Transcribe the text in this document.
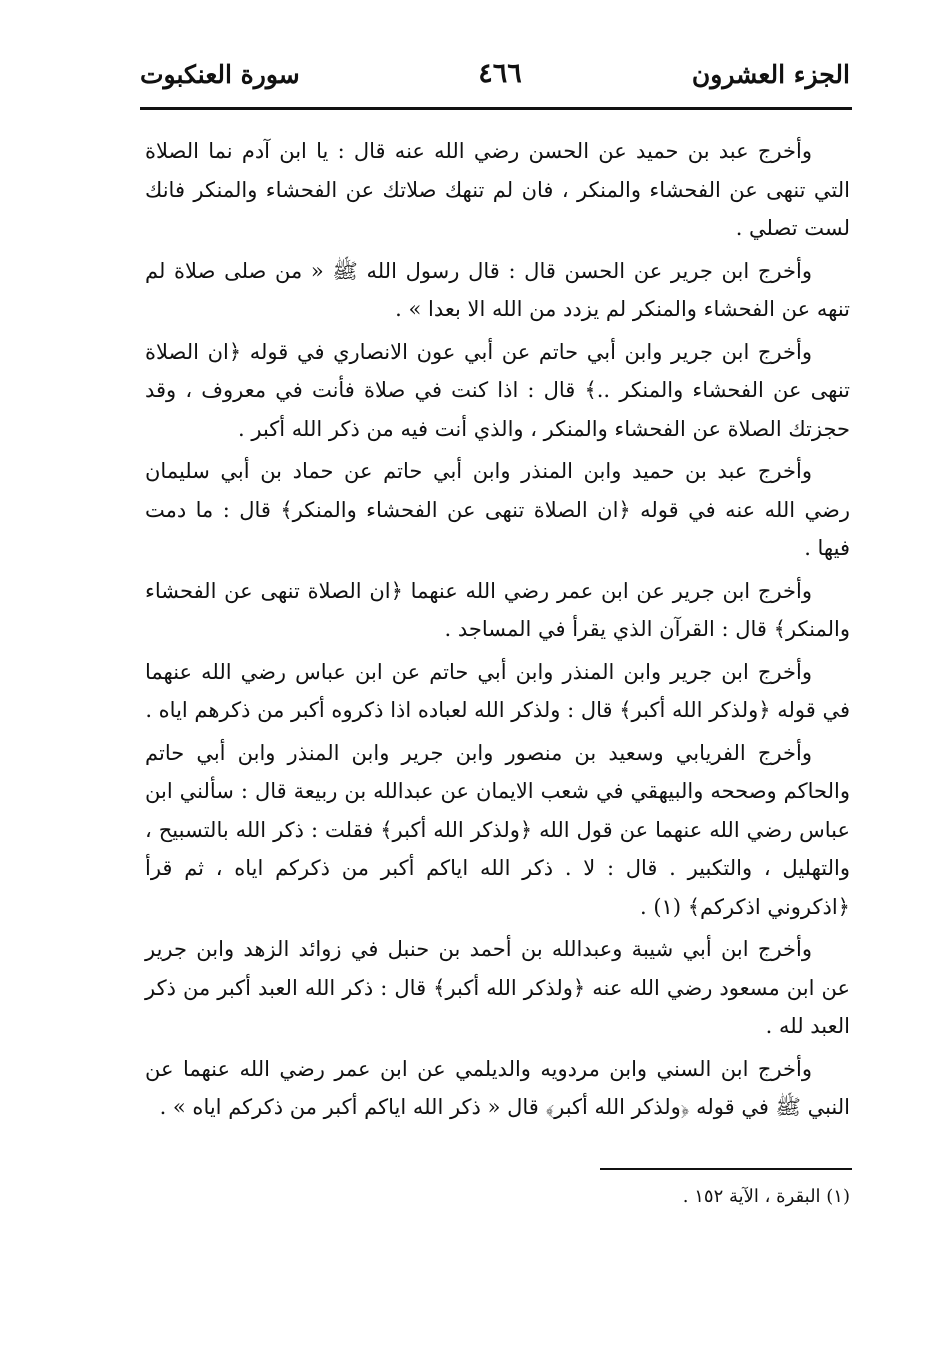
الجزء العشرون
٤٦٦
سورة العنكبوت

وأخرج عبد بن حميد عن الحسن رضي الله عنه قال : يا ابن آدم نما الصلاة التي تنهى عن الفحشاء والمنكر ، فان لم تنهك صلاتك عن الفحشاء والمنكر فانك لست تصلي .

وأخرج ابن جرير عن الحسن قال : قال رسول الله ﷺ « من صلى صلاة لم تنهه عن الفحشاء والمنكر لم يزدد من الله الا بعدا » .

وأخرج ابن جرير وابن أبي حاتم عن أبي عون الانصاري في قوله ﴿ان الصلاة تنهى عن الفحشاء والمنكر ..﴾ قال : اذا كنت في صلاة فأنت في معروف ، وقد حجزتك الصلاة عن الفحشاء والمنكر ، والذي أنت فيه من ذكر الله أكبر .

وأخرج عبد بن حميد وابن المنذر وابن أبي حاتم عن حماد بن أبي سليمان رضي الله عنه في قوله ﴿ان الصلاة تنهى عن الفحشاء والمنكر﴾ قال : ما دمت فيها .

وأخرج ابن جرير عن ابن عمر رضي الله عنهما ﴿ان الصلاة تنهى عن الفحشاء والمنكر﴾ قال : القرآن الذي يقرأ في المساجد .

وأخرج ابن جرير وابن المنذر وابن أبي حاتم عن ابن عباس رضي الله عنهما في قوله ﴿ولذكر الله أكبر﴾ قال : ولذكر الله لعباده اذا ذكروه أكبر من ذكرهم اياه .

وأخرج الفريابي وسعيد بن منصور وابن جرير وابن المنذر وابن أبي حاتم والحاكم وصححه والبيهقي في شعب الايمان عن عبدالله بن ربيعة قال : سألني ابن عباس رضي الله عنهما عن قول الله ﴿ولذكر الله أكبر﴾ فقلت : ذكر الله بالتسبيح ، والتهليل ، والتكبير . قال : لا . ذكر الله اياكم أكبر من ذكركم اياه ، ثم قرأ ﴿اذكروني اذكركم﴾ (١) .

وأخرج ابن أبي شيبة وعبدالله بن أحمد بن حنبل في زوائد الزهد وابن جرير عن ابن مسعود رضي الله عنه ﴿ولذكر الله أكبر﴾ قال : ذكر الله العبد أكبر من ذكر العبد لله .

وأخرج ابن السني وابن مردويه والديلمي عن ابن عمر رضي الله عنهما عن النبي ﷺ في قوله ﴿ولذكر الله أكبر﴾ قال « ذكر الله اياكم أكبر من ذكركم اياه » .

(١) البقرة ، الآية ١٥٢ .
